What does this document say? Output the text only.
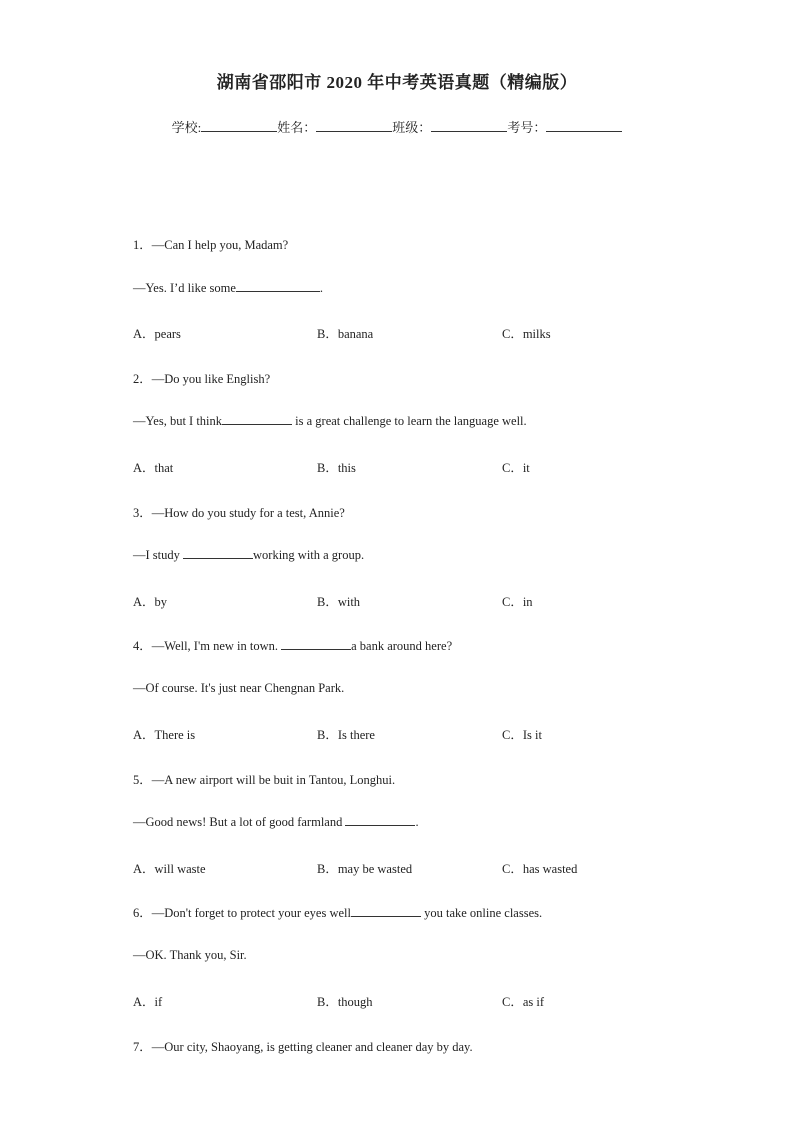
湖南省邵阳市 2020 年中考英语真题（精编版）
学校:	姓名：	班级：	考号：
1．—Can I help you, Madam?
—Yes. I’d like some	.
A．pears	B．banana	C．milks
2．—Do you like English?
—Yes, but I think	is a great challenge to learn the language well.
A．that	B．this	C．it
3．—How do you study for a test, Annie?
—I study	working with a group.
A．by	B．with	C．in
4．—Well, I'm new in town.	a bank around here?
—Of course. It's just near Chengnan Park.
A．There is	B．Is there	C．Is it
5．—A new airport will be buit in Tantou, Longhui.
—Good news! But a lot of good farmland	.
A．will waste	B．may be wasted	C．has wasted
6．—Don't forget to protect your eyes well	you take online classes.
—OK. Thank you, Sir.
A．if	B．though	C．as if
7．—Our city, Shaoyang, is getting cleaner and cleaner day by day.
